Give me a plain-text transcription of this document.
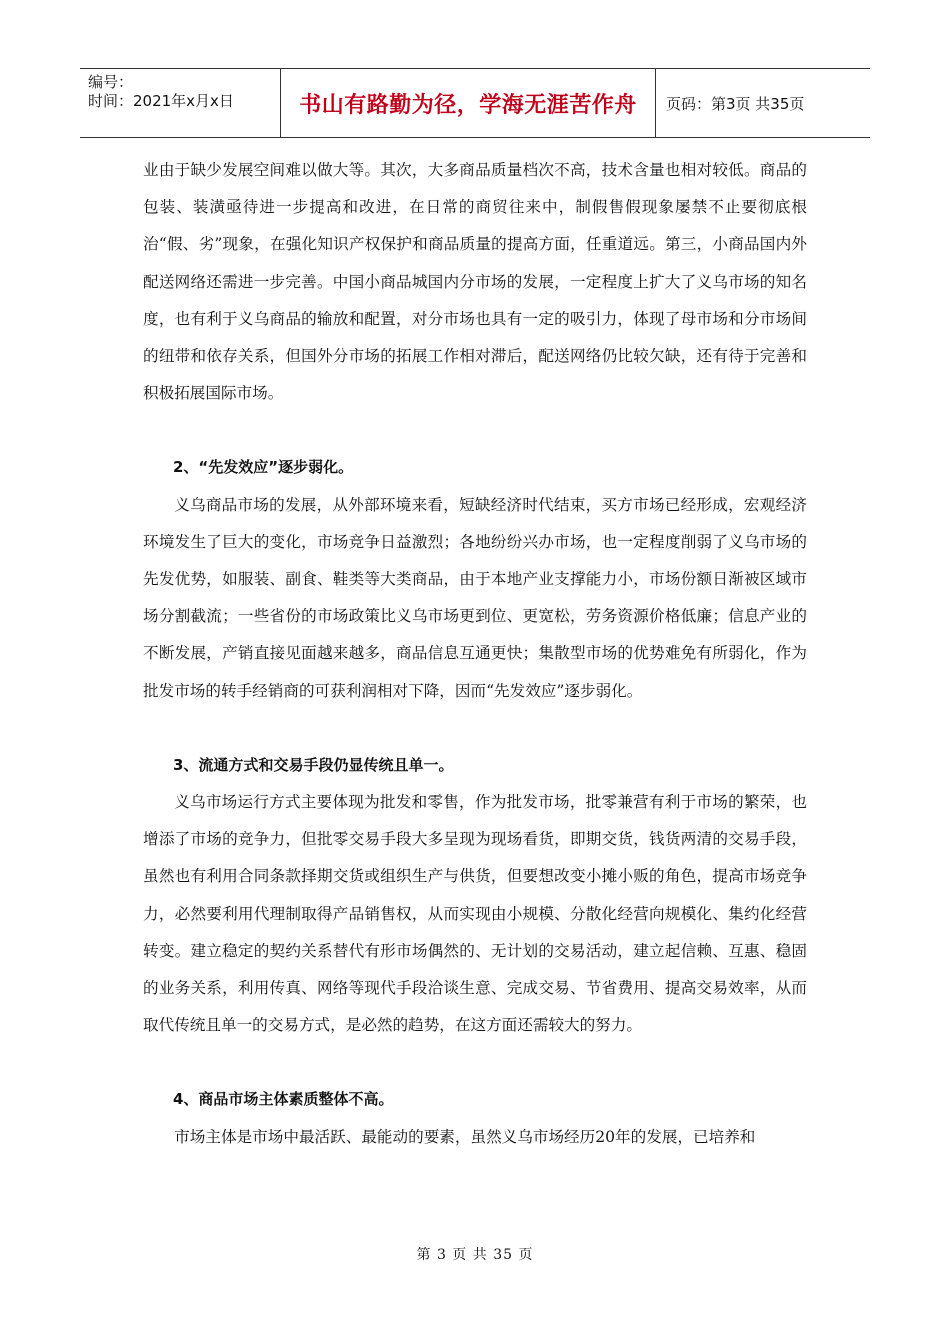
编号：
时间：2021年x月x日	书山有路勤为径，学海无涯苦作舟	页码：第3页 共35页

业由于缺少发展空间难以做大等。其次，大多商品质量档次不高，技术含量也相对较低。商品的包装、装潢亟待进一步提高和改进，在日常的商贸往来中，制假售假现象屡禁不止要彻底根治“假、劣”现象，在强化知识产权保护和商品质量的提高方面，任重道远。第三，小商品国内外配送网络还需进一步完善。中国小商品城国内分市场的发展，一定程度上扩大了义乌市场的知名度，也有利于义乌商品的输放和配置，对分市场也具有一定的吸引力，体现了母市场和分市场间的纽带和依存关系，但国外分市场的拓展工作相对滞后，配送网络仍比较欠缺，还有待于完善和积极拓展国际市场。

2、“先发效应”逐步弱化。

义乌商品市场的发展，从外部环境来看，短缺经济时代结束，买方市场已经形成，宏观经济环境发生了巨大的变化，市场竞争日益激烈；各地纷纷兴办市场，也一定程度削弱了义乌市场的先发优势，如服装、副食、鞋类等大类商品，由于本地产业支撑能力小，市场份额日渐被区域市场分割截流；一些省份的市场政策比义乌市场更到位、更宽松，劳务资源价格低廉；信息产业的不断发展，产销直接见面越来越多，商品信息互通更快；集散型市场的优势难免有所弱化，作为批发市场的转手经销商的可获利润相对下降，因而“先发效应”逐步弱化。

3、流通方式和交易手段仍显传统且单一。

义乌市场运行方式主要体现为批发和零售，作为批发市场，批零兼营有利于市场的繁荣，也增添了市场的竞争力，但批零交易手段大多呈现为现场看货，即期交货，钱货两清的交易手段，虽然也有利用合同条款择期交货或组织生产与供货，但要想改变小摊小贩的角色，提高市场竞争力，必然要利用代理制取得产品销售权，从而实现由小规模、分散化经营向规模化、集约化经营转变。建立稳定的契约关系替代有形市场偶然的、无计划的交易活动，建立起信赖、互惠、稳固的业务关系，利用传真、网络等现代手段洽谈生意、完成交易、节省费用、提高交易效率，从而取代传统且单一的交易方式，是必然的趋势，在这方面还需较大的努力。

4、商品市场主体素质整体不高。

市场主体是市场中最活跃、最能动的要素，虽然义乌市场经历20年的发展，已培养和

第 3 页 共 35 页
